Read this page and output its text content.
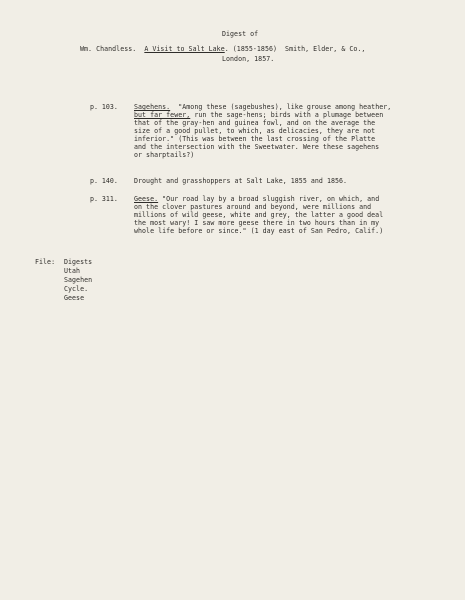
Digest of
Wm. Chandless. A Visit to Salt Lake. (1855-1856) Smith, Elder, & Co.,
London, 1857.
p. 103. Sagehens. "Among these (sagebushes), like grouse among heather,
but far fewer, run the sage-hens; birds with a plumage between
that of the gray-hen and guinea fowl, and on the average the
size of a good pullet, to which, as delicacies, they are not
inferior." (This was between the last crossing of the Platte
and the intersection with the Sweetwater. Were these sagehens
or sharptails?)
p. 140. Drought and grasshoppers at Salt Lake, 1855 and 1856.
p. 311. Geese. "Our road lay by a broad sluggish river, on which, and
on the clover pastures around and beyond, were millions and
millions of wild geese, white and grey, the latter a good deal
the most wary! I saw more geese there in two hours than in my
whole life before or since." (1 day east of San Pedro, Calif.)
File: Digests
Utah
Sagehen
Cycle.
Geese
